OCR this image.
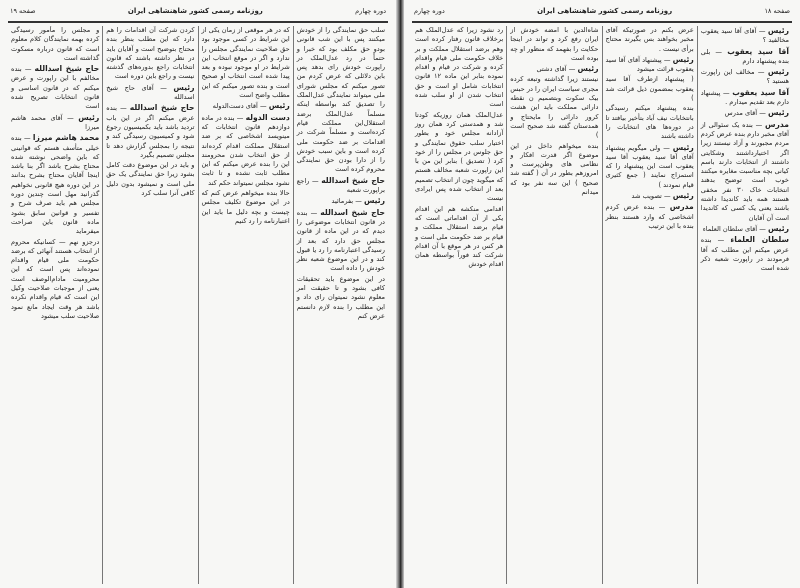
صفحه ۱۹	روزنامه رسمی کشور شاهنشاهی ایران	دوره چهارم
سلب حق نمایندگی را از خودش میکنند پس با این شب قانونی بودو حق مکلف بود که خبرا و حتماً در رد عدل‌الملک در راپورت خودش رای بدهد پس باین دلائلی که عرض کردم من تصور میکنم که مجلس شورای ملی میتواند نمایندگی عدل‌الملک را تصدیق کند بواسطه اینکه مسلماً عدل‌الملک برضد استقلال‌این مملکت قیام کرده‌است و مسلماً شرکت در اقدامات بر ضد حکومت ملی کرده است و باین سبب خودش را از دارا بودن حق نمایندگی محروم کرده است
حاج شیخ اسدالله — راجع براپورت شعبه
رئیس — بفرمائید
حاج شیخ اسدالله — بنده در قانون انتخابات موضوعی را دیدم که در این ماده از قانون مجلس حق دارد که بعد از رسیدگی اعتبارنامه را رد یا قبول کند و در این موضوع شعبه نظر خودش را داده است
در این موضوع باید تحقیقات کافی بشود و تا حقیقت امر معلوم نشود نمیتوان رای داد و این مطلب را بنده لازم دانستم عرض کنم
که در هر موقعی از زمان یکی از این شرایط در کسی موجود بود حق صلاحیت نمایندگی مجلس را ندارد و اگر در موقع انتخاب این شرایط در او موجود نبوده و بعد پیدا شده است انتخاب او صحیح است و بنده تصور میکنم که این مطلب واضح است
رئیس — آقای دست‌الدوله
دست الدوله — بنده در ماده دوازدهم قانون انتخابات که مینویسد اشخاصی که بر ضد استقلال مملکت اقدام کرده‌اند از حق انتخاب شدن محرومند این را بنده عرض میکنم که این مطلب ثابت نشده و تا ثابت نشود مجلس نمیتواند حکم کند
حالا بنده میخواهم عرض کنم که در این موضوع تکلیف مجلس چیست و بچه دلیل ما باید این اعتبارنامه را رد کنیم
کردن شرکت آن اقدامات را هم دارد که این مطلب بنظر بنده محتاج بتوضیح است و آقایان باید در نظر داشته باشند که قانون انتخابات راجع بدوره‌های گذشته نیست و راجع باین دوره است
رئیس — آقای حاج شیخ اسدالله
حاج شیخ اسدالله — بنده عرض میکنم اگر در این باب تردید باشد باید بکمیسیون رجوع شود و کمیسیون رسیدگی کند و نتیجه را بمجلس گزارش دهد تا مجلس تصمیم بگیرد
و باید در این موضوع دقت کامل بشود زیرا حق نمایندگی یک حق ملی است و نمیشود بدون دلیل کافی آنرا سلب کرد
و مجلس را مأمور رسیدگی کرده بهمه نمایندگان کلام معلوم است که قانون درباره مسکوت گذاشته است
حاج شیخ اسدالله — بنده مخالفم با این راپورت و عرض میکنم که در قانون اساسی و قانون انتخابات تصریح شده است
رئیس — آقای محمد هاشم میرزا
محمد هاشم میرزا — بنده خیلی متأسف هستم که قوانینی که باین واضحی نوشته شده محتاج بشرح باشد اگر بنا باشد اینجا آقایان محتاج بشرح بدانند در این دوره هیچ قانونی نخواهیم گذرانید مهل است چندین دوره مجلس هم باید صرف شرح و تفسیر و قوانین سابق بشود ماده قانون باین صراحت میفرماید
درجزو نهم — کسانیکه محروم از انتخاب هستند آنهائی که برضد حکومت ملی قیام واقدام نموده‌اند پس است که این محرومیت مادام‌الوصف است یعنی از موجبات صلاحیت وکیل این است که قیام واقدام نکرده باشد هر وقت ایجاد مانع نمود صلاحیت سلب میشود
دوره چهارم	روزنامه رسمی کشور شاهنشاهی ایران	صفحه ۱۸
رئیس — آقای آقا سید یعقوب مخالفید ؟
آقا سید یعقوب — بلی بنده پیشنهاد دارم
رئیس — مخالف این راپورت هستید ؟
آقا سید یعقوب — پیشنهاد دارم بعد تقدیم میدارم .
رئیس — آقای مدرس
مدرس — بنده یک سئوالی از آقای مخبر دارم بنده عرض کردم مردم مجبورند و آزاد نیستند زیرا اگر اختیارداشتند وشکایتی داشتند از انتخابات دارند باسم کیانی بچه مناسبت مغایره میکنند خوب است توضیح بدهند انتخابات خاک ۳۰ نفر مخفی هستند همه باید کاندیدا داشته باشند یعنی یک کسی که کاندیدا است آن آقایان
رئیس — آقای سلطان العلماء
سلطان العلماء — بنده عرض میکنم این مطلب که آقا فرمودند در راپورت شعبه ذکر شده است
عرض بکنم در صورتیکه آقای مخبر بخواهند بس بگیرند محتاج برأی نیست .
رئیس — پیشنهاد آقای آقا سید یعقوب قرائت میشود
( پیشنهاد ازطرف آقا سید یعقوب بمضمون ذیل قرائت شد )
بنده پیشنهاد میکنم رسیدگی بانتخابات نیف آباد بتأخیر بیافتد تا در دوره‌ها های انتخابات را داشته باشند
رئیس — ولی میگویم پیشنهاد آقای آقا سید یعقوب آقا سید یعقوب است این پیشنهاد را که استمزاج نمایند ( جمع کثیری قیام نمودند )
رئیس — تصویب شد
مدرس — بنده عرض کردم اشخاصی که وارد هستند بنظر بنده با این ترتیب
شاه‌الدین با امضه خودش از ایران رفع کرد و تواند در اینجا حکایت را بفهمد که منظور او چه بوده است
رئیس — آقای دشتی
نیستند زیرا گذاشته وتبعه کرده مجری سیاست ایران را در حبس بیک سکوت وبتصمیم ن نقطه دارائی مملکت باید این هشت کرور دارائی را مایحتاج و همدستان گفته شد صحیح است )
بنده میخواهم داخل در این موضوع اگر قدرت افکار و نظامی های وطن‌پرست و امروزهم بطور در آن ( گفته شد صحیح ) این سه نفر بود که میدانم
رد نشود زیرا که عدل‌الملک هم برخلاف قانون رفتار کرده است وهم برضد استقلال مملکت و بر خلاف حکومت ملی قیام واقدام کرده و شرکت در قیام و اقدام نموده بنابر این ماده ۱۲ قانون انتخابات شامل او است و حق انتخاب شدن از او سلب شده است
عدل‌الملک همان روزیکه کودتا شد و همدستی کرد همان روز آزادانه مجلس خود و بطور اختیار سلب حقوق نمایندگی و حق جلوس در مجلس را از خود کرد ( تصدیق ) بنابر این من با این راپورت شعبه مخالف هستم که میگوید چون از انتخاب تصمیم بعد از انتخاب شده پس ایرادی نیست
اقدامی منکشه هم این اقدام یکی از آن اقداماتی است که قیام برضد استقلال مملکت و قیام بر ضد حکومت ملی است و هر کس در هر موقع با آن اقدام شرکت کند فوراً بواسطه همان اقدام خودش
